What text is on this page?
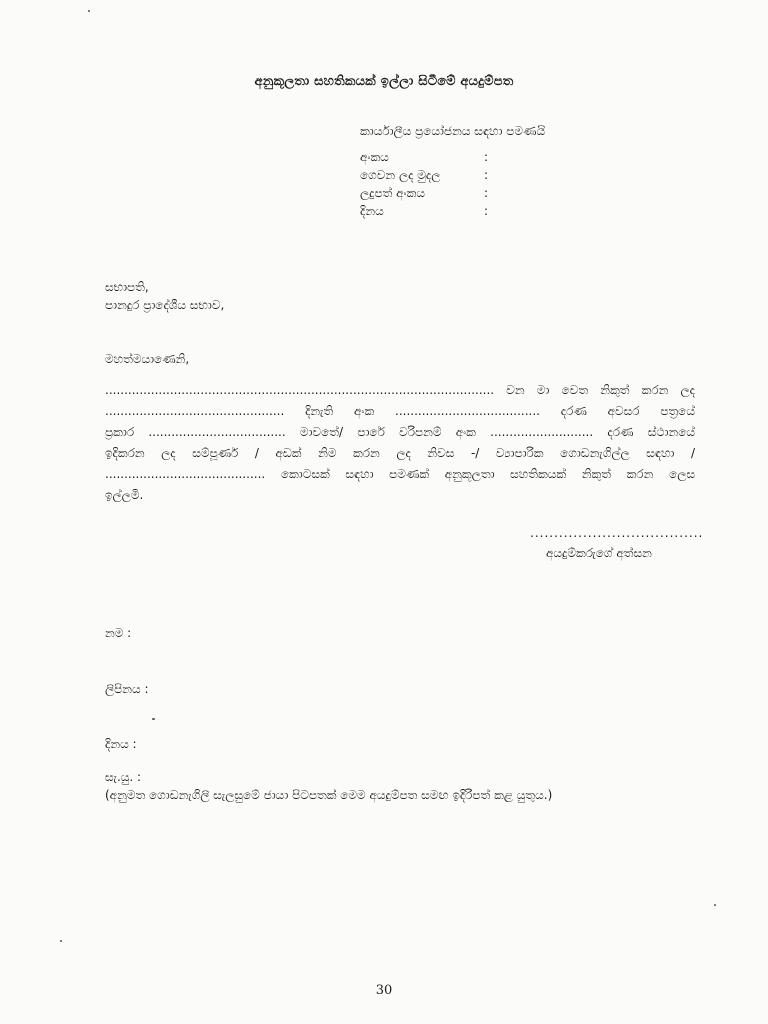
අනුකූලතා සහතිකයක් ඉල්ලා සිටීමේ අයදුම්පත
කාර්යාලීය ප්‍රයෝජනය සඳහා පමණයි
අංකය	:
ගෙවන ලද මුදල	:
ලදුපත් අංකය	:
දිනය	:
සභාපති,
පානදුර ප්‍රාදේශීය සභාව,
මහත්මයාණෙනි,
...................................................................................................... වන මා වෙත නිකුත් කරන ලද
............................................... දිනැති අංක ...................................... දරණ අවසර පත්‍රයේ
ප්‍රකාර .................................... මාවතේ/ පාරේ වරිපනම් අංක ........................... දරණ ස්ථානයේ
ඉදිකරන ලද සම්පූර්ණ / අඩක් නිම කරන ලද නිවස -/ ව්‍යාපාරික ගොඩනැගිල්ල සඳහා /
.......................................... කොටසක් සඳහා පමණක් අනුකූලතා සහතිකයක් නිකුත් කරන ලෙස
ඉල්ලමි.
....................................
අයදුම්කරුගේ අත්සන
නම :
ලිපිනය :
දිනය :
සැ.යු. :
(අනුමත ගොඩනැගිලි සැලසුමේ ජායා පිටපතක් මෙම අයදුම්පත සමඟ ඉදිරිපත් කළ යුතුය.)
30
